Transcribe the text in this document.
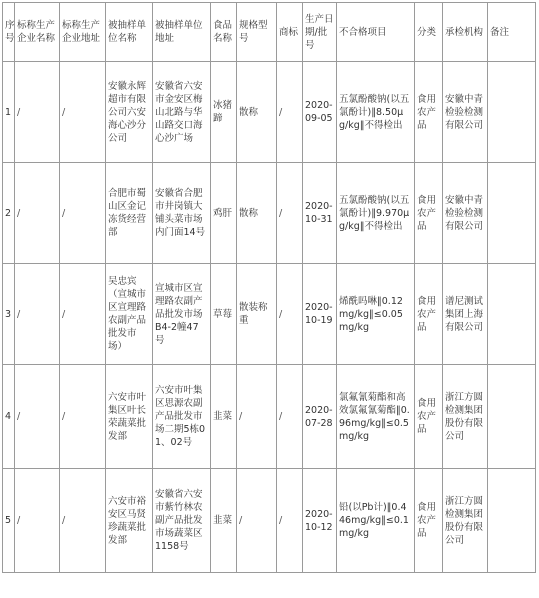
序号	标称生产企业名称	标称生产企业地址	被抽样单位名称	被抽样单位地址	食品名称	规格型号	商标	生产日期/批号	不合格项目	分类	承检机构	备注
1	/	/	安徽永辉超市有限公司六安海心沙分公司	安徽省六安市金安区梅山北路与华山路交口海心沙广场	冰猪蹄	散称	/	2020-09-05	五氯酚酸钠(以五氯酚计)‖8.50μg/kg‖不得检出	食用农产品	安徽中青检验检测有限公司	
2	/	/	合肥市蜀山区金记冻货经营部	安徽省合肥市井岗镇大铺头菜市场内门面14号	鸡肝	散称	/	2020-10-31	五氯酚酸钠(以五氯酚计)‖9.970μg/kg‖不得检出	食用农产品	安徽中青检验检测有限公司	
3	/	/	吴忠宾（宣城市区宣理路农副产品批发市场）	宣城市区宣理路农副产品批发市场B4-2幢47号	草莓	散装称重	/	2020-10-19	烯酰吗啉‖0.12mg/kg‖≤0.05mg/kg	食用农产品	谱尼测试集团上海有限公司	
4	/	/	六安市叶集区叶长荣蔬菜批发部	六安市叶集区思源农副产品批发市场二期5栋01、02号	韭菜	/	/	2020-07-28	氯氟氰菊酯和高效氯氟氰菊酯‖0.96mg/kg‖≤0.5mg/kg	食用农产品	浙江方圆检测集团股份有限公司	
5	/	/	六安市裕安区马贤珍蔬菜批发部	安徽省六安市紫竹林农副产品批发市场蔬菜区1158号	韭菜	/	/	2020-10-12	铅(以Pb计)‖0.446mg/kg‖≤0.1mg/kg	食用农产品	浙江方圆检测集团股份有限公司	
